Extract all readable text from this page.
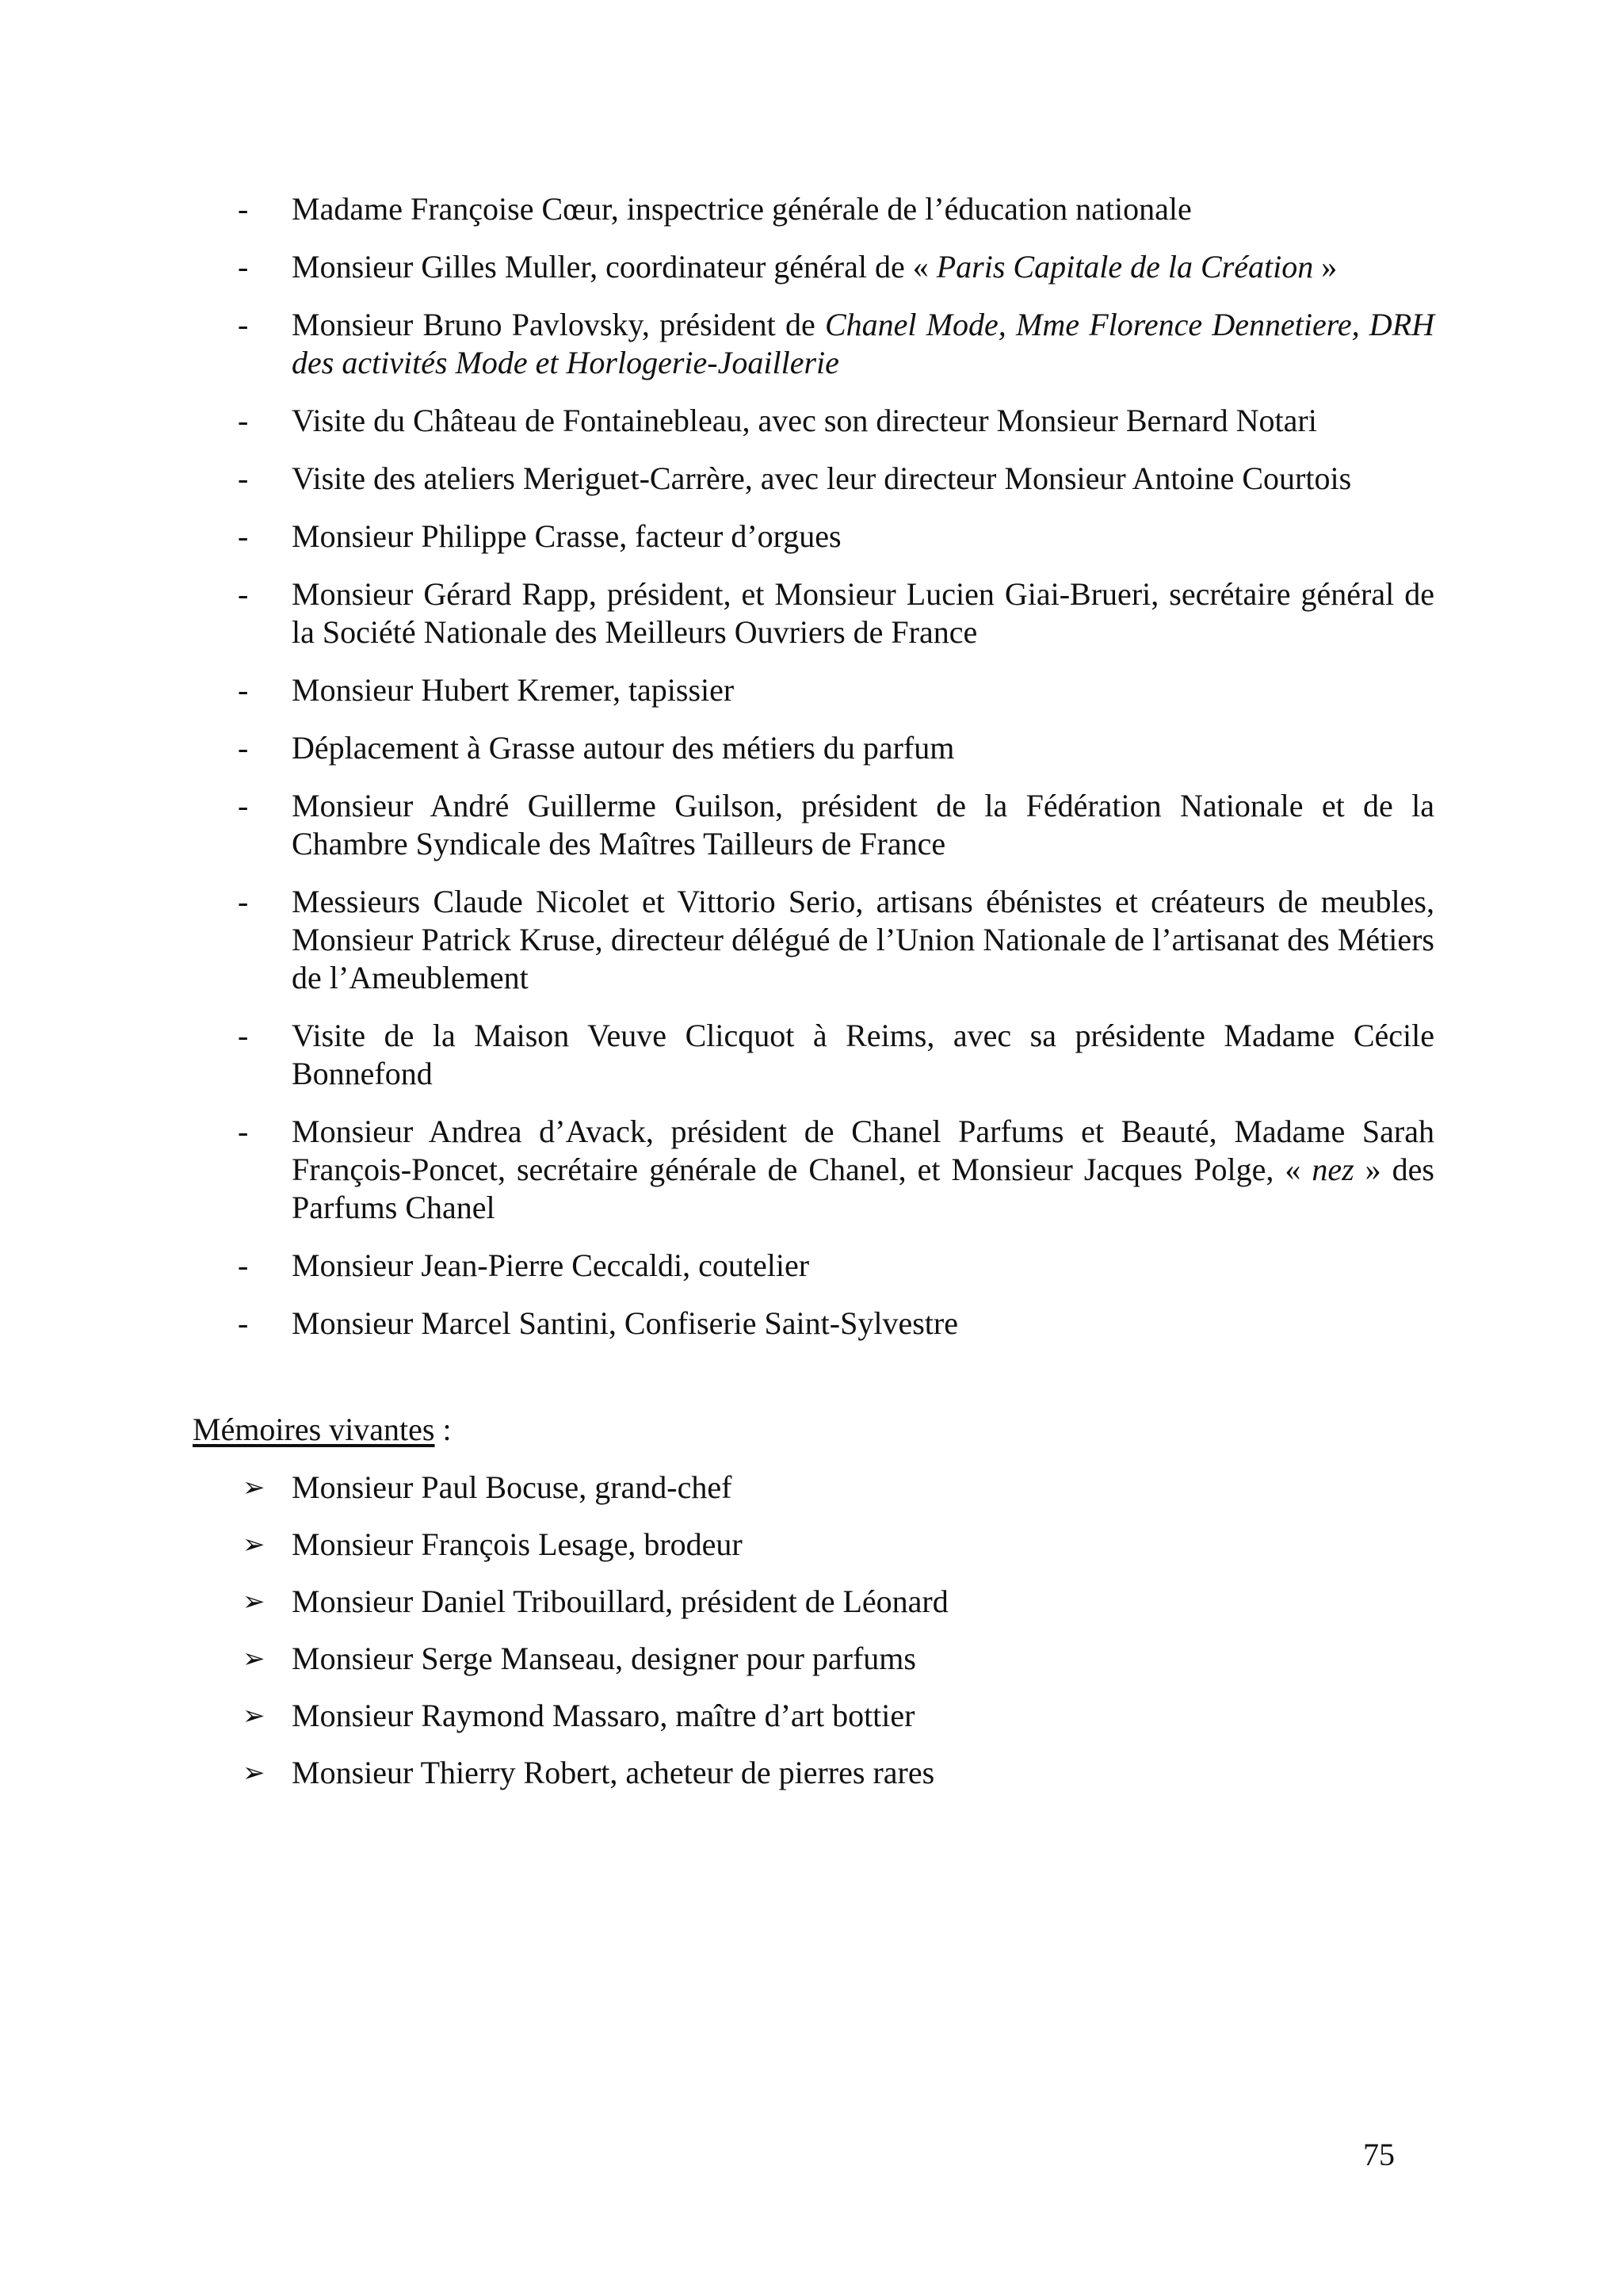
-	Madame Françoise Cœur, inspectrice générale de l’éducation nationale
-	Monsieur Gilles Muller, coordinateur général de « Paris Capitale de la Création »
-	Monsieur Bruno Pavlovsky, président de Chanel Mode, Mme Florence Dennetiere, DRH des activités Mode et Horlogerie-Joaillerie
-	Visite du Château de Fontainebleau, avec son directeur Monsieur Bernard Notari
-	Visite des ateliers Meriguet-Carrère, avec leur directeur Monsieur Antoine Courtois
-	Monsieur Philippe Crasse, facteur d’orgues
-	Monsieur Gérard Rapp, président, et Monsieur Lucien Giai-Brueri, secrétaire général de la Société Nationale des Meilleurs Ouvriers de France
-	Monsieur Hubert Kremer, tapissier
-	Déplacement à Grasse autour des métiers du parfum
-	Monsieur André Guillerme Guilson, président de la Fédération Nationale et de la Chambre Syndicale des Maîtres Tailleurs de France
-	Messieurs Claude Nicolet et Vittorio Serio, artisans ébénistes et créateurs de meubles, Monsieur Patrick Kruse, directeur délégué de l’Union Nationale de l’artisanat des Métiers de l’Ameublement
-	Visite de la Maison Veuve Clicquot à Reims, avec sa présidente Madame Cécile Bonnefond
-	Monsieur Andrea d’Avack, président de Chanel Parfums et Beauté, Madame Sarah François-Poncet, secrétaire générale de Chanel, et Monsieur Jacques Polge, « nez » des Parfums Chanel
-	Monsieur Jean-Pierre Ceccaldi, coutelier
-	Monsieur Marcel Santini, Confiserie Saint-Sylvestre

Mémoires vivantes :

➢ Monsieur Paul Bocuse, grand-chef
➢ Monsieur François Lesage, brodeur
➢ Monsieur Daniel Tribouillard, président de Léonard
➢ Monsieur Serge Manseau, designer pour parfums
➢ Monsieur Raymond Massaro, maître d’art bottier
➢ Monsieur Thierry Robert, acheteur de pierres rares
75
